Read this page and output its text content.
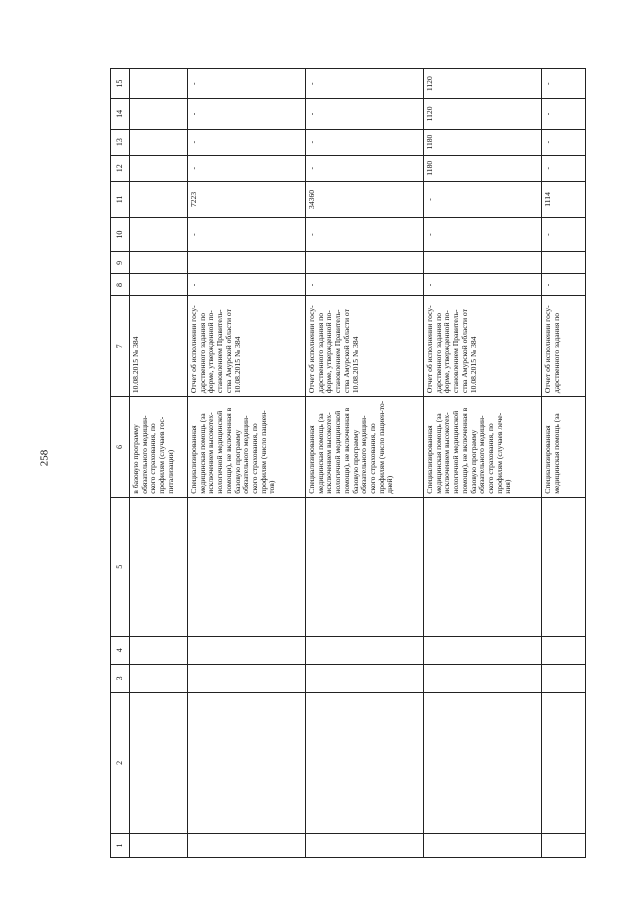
258
1	2	3	4	5	6	7	8	9	10	11	12	13	14	15
					в базовую программу обязательного медицин-ского страхования, по профилям (случаев гос-питализации)	10.08.2015 № 384								
					Специализированная медицинская помощь (за исключением высокотех-нологичной медицинской помощи), не включенная в базовую программу обязательного медицин-ского страхования, по профилям (число пациен-тов)	Отчет об исполнении госу-дарственного задания по форме, утвержденной по-становлением Правитель-ства Амурской области от 10.08.2015 № 384	-		-	7223	-	-	-	-
					Специализированная медицинская помощь (за исключением высокотех-нологичной медицинской помощи), не включенная в базовую программу обязательного медицин-ского страхования, по профилям (число пациен-то-дней)	Отчет об исполнении госу-дарственного задания по форме, утвержденной по-становлением Правитель-ства Амурской области от 10.08.2015 № 384	-		-	34360	-	-	-	-
					Специализированная медицинская помощь (за исключением высокотех-нологичной медицинской помощи), не включенная в базовую программу обязательного медицин-ского страхования, по профилям (случаев лече-ния)	Отчет об исполнении госу-дарственного задания по форме, утвержденной по-становлением Правитель-ства Амурской области от 10.08.2015 № 384	-		-	-	1180	1180	1120	1120
					Специализированная медицинская помощь (за	Отчет об исполнении госу-дарственного задания по	-		-	1114	-	-	-	-
